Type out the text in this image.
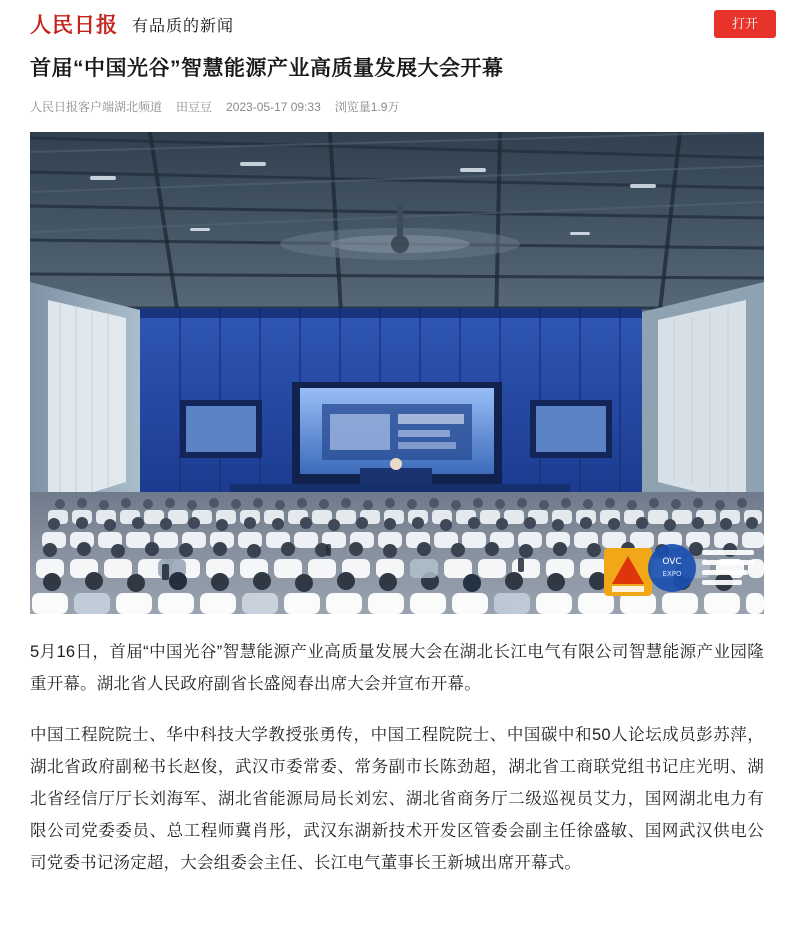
人民日报 有品质的新闻	打开
首届“中国光谷”智慧能源产业高质量发展大会开幕
人民日报客户端湖北频道 田豆豆 2023-05-17 09:33 浏览量1.9万
OVC
EXPO

5月16日，首届“中国光谷”智慧能源产业高质量发展大会在湖北长江电气有限公司智慧能源产业园隆重开幕。湖北省人民政府副省长盛阅春出席大会并宣布开幕。

中国工程院院士、华中科技大学教授张勇传，中国工程院院士、中国碳中和50人论坛成员彭苏萍，湖北省政府副秘书长赵俊，武汉市委常委、常务副市长陈劲超，湖北省工商联党组书记庄光明、湖北省经信厅厅长刘海军、湖北省能源局局长刘宏、湖北省商务厅二级巡视员艾力，国网湖北电力有限公司党委委员、总工程师冀肖彤，武汉东湖新技术开发区管委会副主任徐盛敏、国网武汉供电公司党委书记汤定超，大会组委会主任、长江电气董事长王新城出席开幕式。
